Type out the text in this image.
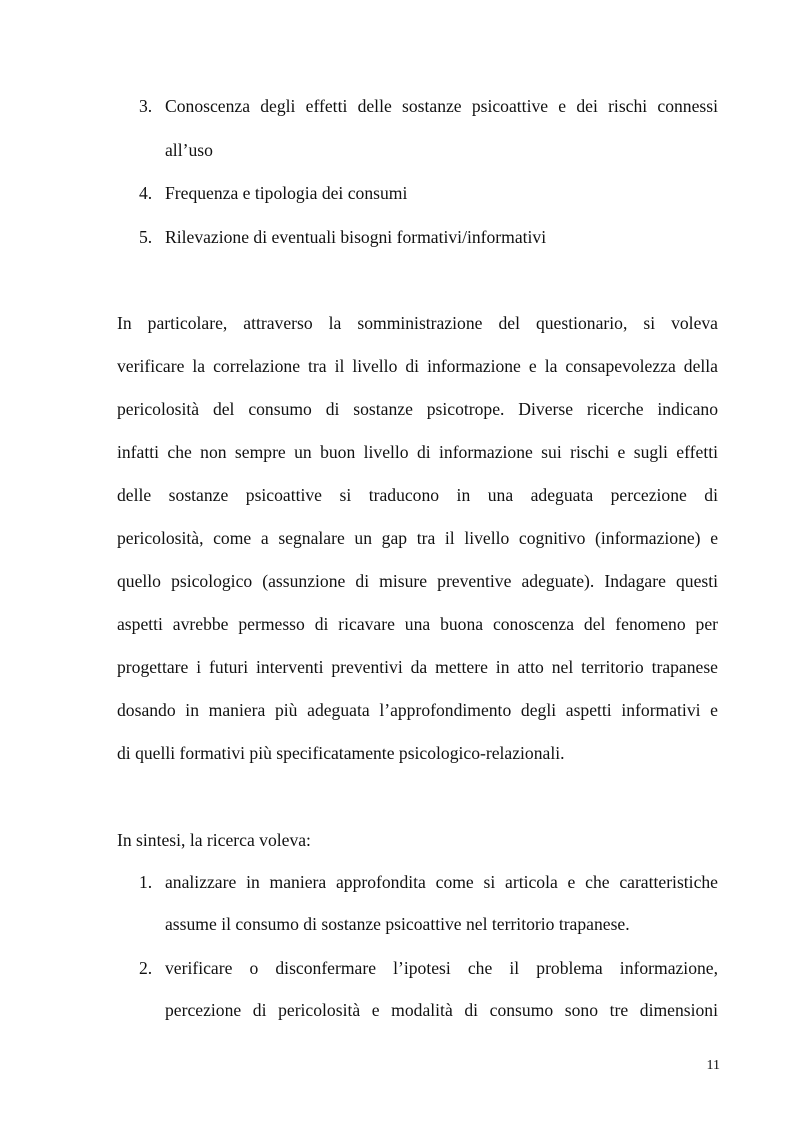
3. Conoscenza degli effetti delle sostanze psicoattive e dei rischi connessi
all’uso
4. Frequenza e tipologia dei consumi
5. Rilevazione di eventuali bisogni formativi/informativi
In particolare, attraverso la somministrazione del questionario, si voleva
verificare la correlazione tra il livello di informazione e la consapevolezza della
pericolosità del consumo di sostanze psicotrope. Diverse ricerche indicano
infatti che non sempre un buon livello di informazione sui rischi e sugli effetti
delle sostanze psicoattive si traducono in una adeguata percezione di
pericolosità, come a segnalare un gap tra il livello cognitivo (informazione) e
quello psicologico (assunzione di misure preventive adeguate). Indagare questi
aspetti avrebbe permesso di ricavare una buona conoscenza del fenomeno per
progettare i futuri interventi preventivi da mettere in atto nel territorio trapanese
dosando in maniera più adeguata l’approfondimento degli aspetti informativi e
di quelli formativi più specificatamente psicologico-relazionali.
In sintesi, la ricerca voleva:
1. analizzare in maniera approfondita come si articola e che caratteristiche
assume il consumo di sostanze psicoattive nel territorio trapanese.
2. verificare o disconfermare l’ipotesi che il problema informazione,
percezione di pericolosità e modalità di consumo sono tre dimensioni
11
